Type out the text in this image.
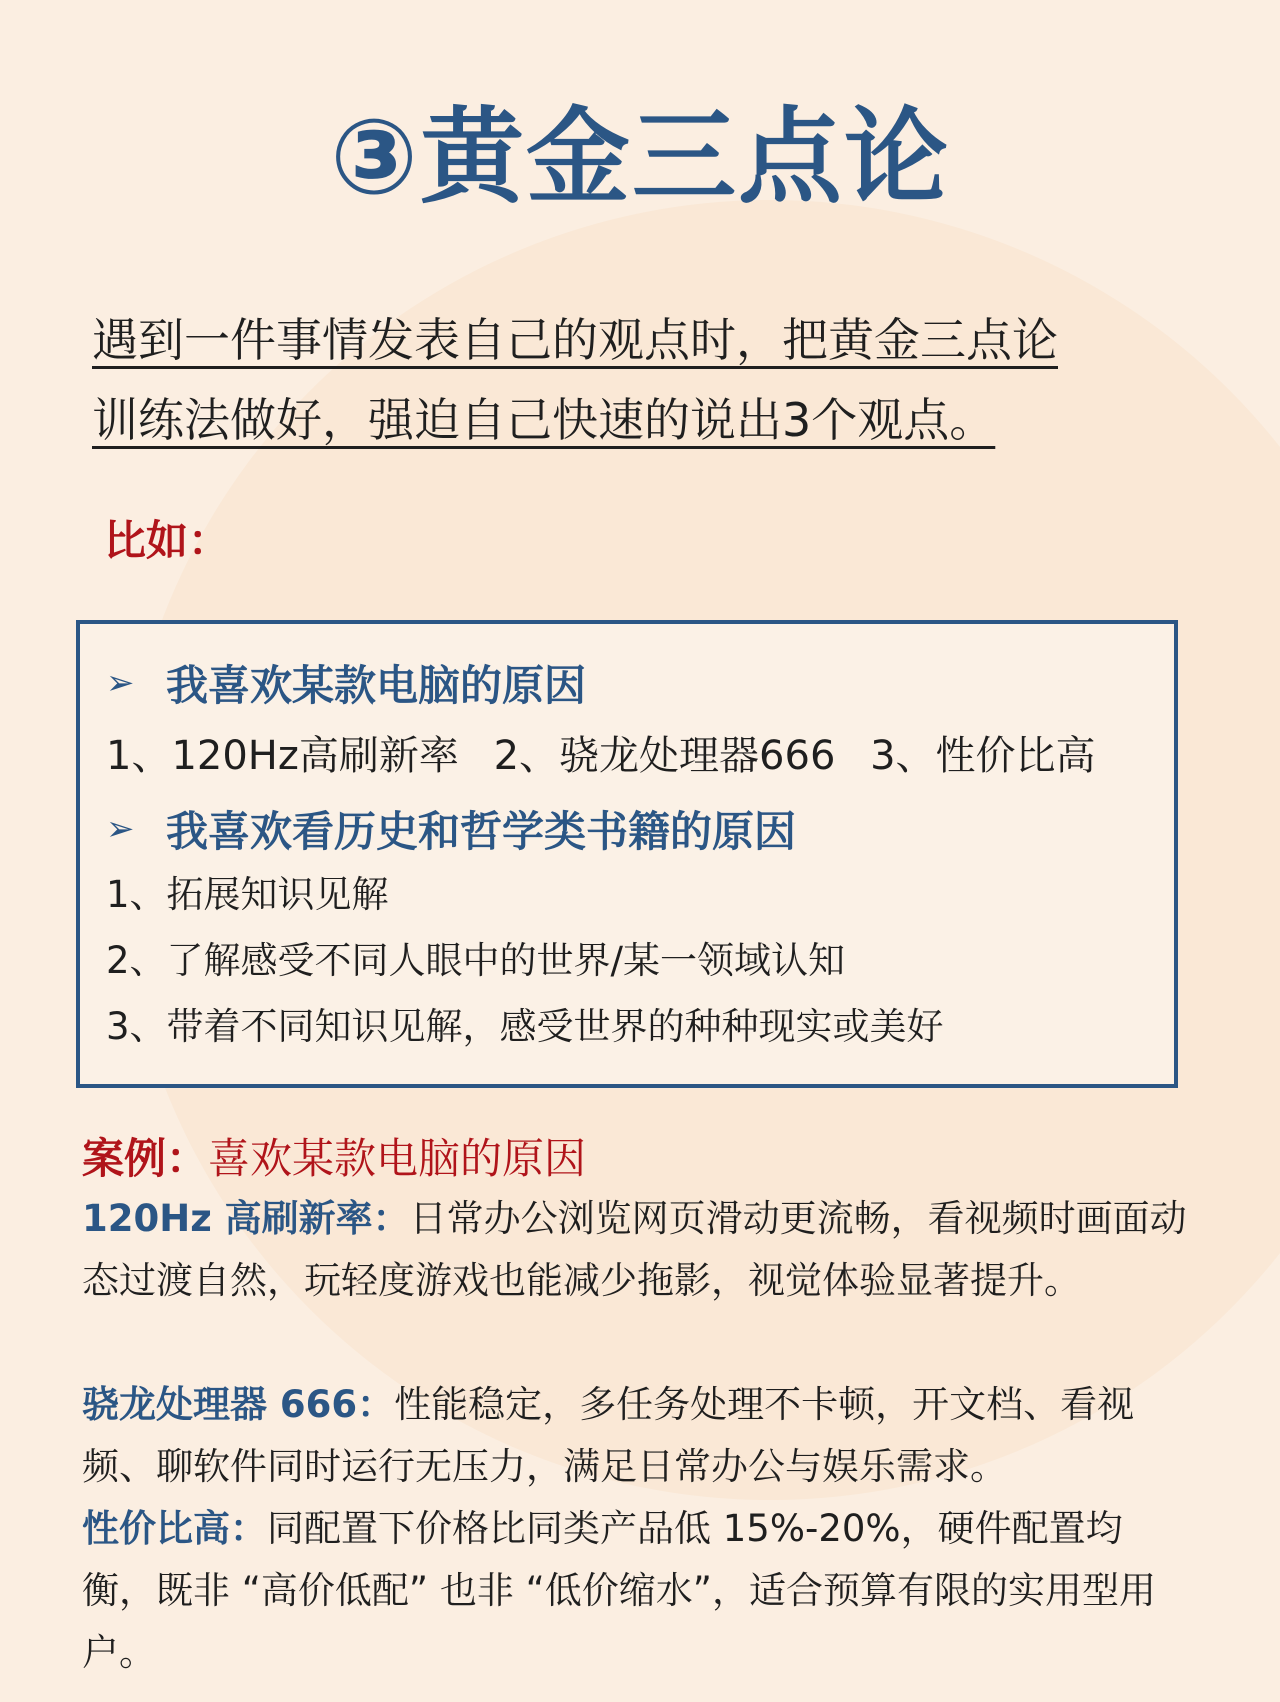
③黄金三点论
遇到一件事情发表自己的观点时，把黄金三点论
训练法做好，强迫自己快速的说出3个观点。
比如：
➢ 我喜欢某款电脑的原因
1、120Hz高刷新率 2、骁龙处理器666 3、性价比高
➢ 我喜欢看历史和哲学类书籍的原因
1、拓展知识见解
2、了解感受不同人眼中的世界/某一领域认知
3、带着不同知识见解，感受世界的种种现实或美好
案例：喜欢某款电脑的原因
120Hz 高刷新率：日常办公浏览网页滑动更流畅，看视频时画面动态过渡自然，玩轻度游戏也能减少拖影，视觉体验显著提升。
骁龙处理器 666：性能稳定，多任务处理不卡顿，开文档、看视频、聊软件同时运行无压力，满足日常办公与娱乐需求。
性价比高：同配置下价格比同类产品低 15%-20%，硬件配置均衡，既非 “高价低配” 也非 “低价缩水”，适合预算有限的实用型用户。
